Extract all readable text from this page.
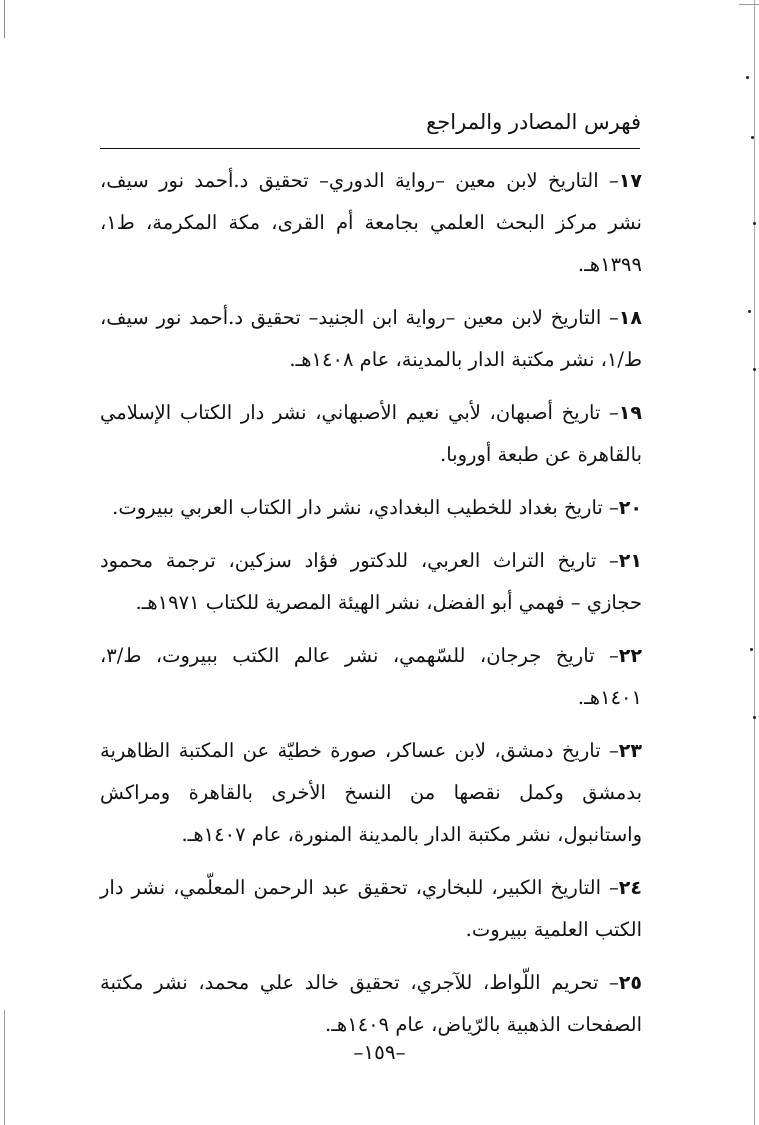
فهرس المصادر والمراجع

١٧– التاريخ لابن معين –رواية الدوري– تحقيق د.أحمد نور سيف، نشر مركز البحث العلمي بجامعة أم القرى، مكة المكرمة، ط١، ١٣٩٩هـ.

١٨– التاريخ لابن معين –رواية ابن الجنيد– تحقيق د.أحمد نور سيف، ط/١، نشر مكتبة الدار بالمدينة، عام ١٤٠٨هـ.

١٩– تاريخ أصبهان، لأبي نعيم الأصبهاني، نشر دار الكتاب الإسلامي بالقاهرة عن طبعة أوروبا.

٢٠– تاريخ بغداد للخطيب البغدادي، نشر دار الكتاب العربي ببيروت.

٢١– تاريخ التراث العربي، للدكتور فؤاد سزكين، ترجمة محمود حجازي – فهمي أبو الفضل، نشر الهيئة المصرية للكتاب ١٩٧١هـ.

٢٢– تاريخ جرجان، للسّهمي، نشر عالم الكتب ببيروت، ط/٣، ١٤٠١هـ.

٢٣– تاريخ دمشق، لابن عساكر، صورة خطيّة عن المكتبة الظاهرية بدمشق وكمل نقصها من النسخ الأخرى بالقاهرة ومراكش واستانبول، نشر مكتبة الدار بالمدينة المنورة، عام ١٤٠٧هـ.

٢٤– التاريخ الكبير، للبخاري، تحقيق عبد الرحمن المعلّمي، نشر دار الكتب العلمية ببيروت.

٢٥– تحريم اللّواط، للآجري، تحقيق خالد علي محمد، نشر مكتبة الصفحات الذهبية بالرّياض، عام ١٤٠٩هـ.

–١٥٩–
